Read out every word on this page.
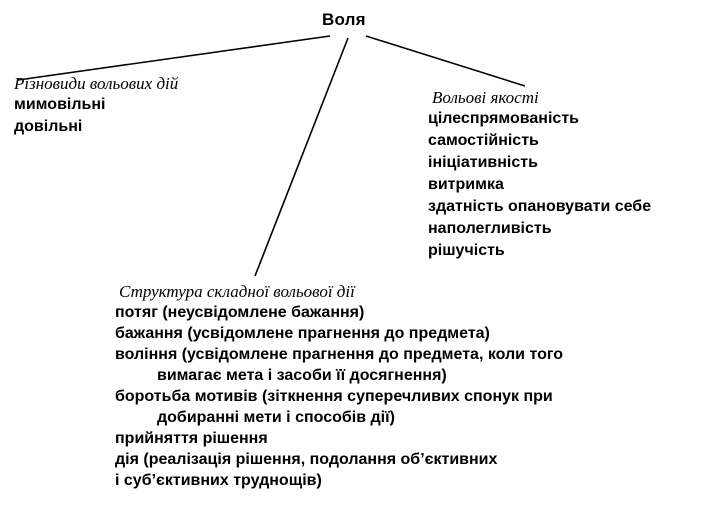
Воля
Різновиди вольових дій
мимовільні
довільні
Вольові якості
цілеспрямованість
самостійність
ініціативність
витримка
здатність опановувати себе
наполегливість
рішучість
Структура складної вольової дії
потяг (неусвідомлене бажання)
бажання (усвідомлене прагнення до предмета)
воління (усвідомлене прагнення до предмета, коли того
вимагає мета і засоби її досягнення)
боротьба мотивів (зіткнення суперечливих спонук при
добиранні мети і способів дії)
прийняття рішення
дія (реалізація рішення, подолання об’єктивних
і суб’єктивних труднощів)
